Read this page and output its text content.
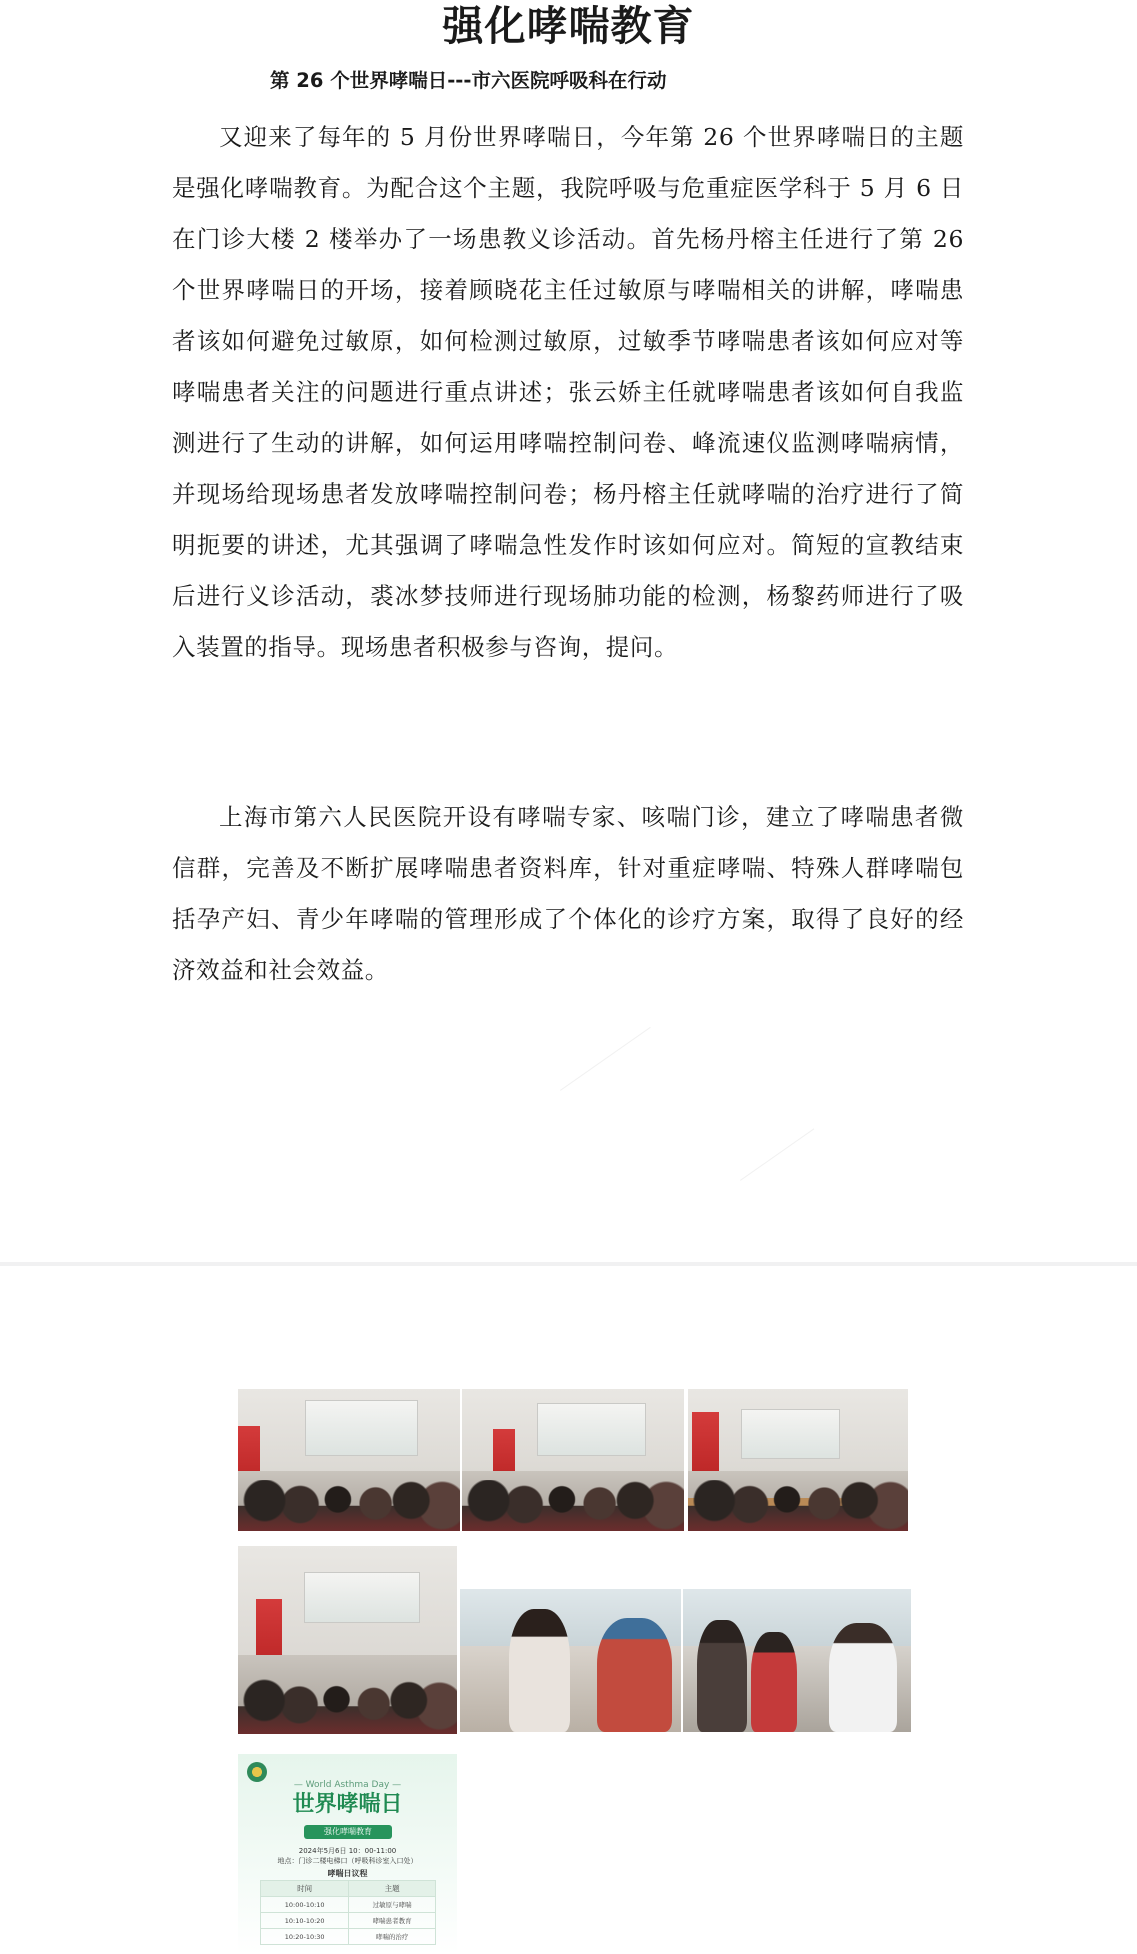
强化哮喘教育
第 26 个世界哮喘日---市六医院呼吸科在行动
又迎来了每年的 5 月份世界哮喘日，今年第 26 个世界哮喘日的主题是强化哮喘教育。为配合这个主题，我院呼吸与危重症医学科于 5 月 6 日在门诊大楼 2 楼举办了一场患教义诊活动。首先杨丹榕主任进行了第 26 个世界哮喘日的开场，接着顾晓花主任过敏原与哮喘相关的讲解，哮喘患者该如何避免过敏原，如何检测过敏原，过敏季节哮喘患者该如何应对等哮喘患者关注的问题进行重点讲述；张云娇主任就哮喘患者该如何自我监测进行了生动的讲解，如何运用哮喘控制问卷、峰流速仪监测哮喘病情，并现场给现场患者发放哮喘控制问卷；杨丹榕主任就哮喘的治疗进行了简明扼要的讲述，尤其强调了哮喘急性发作时该如何应对。简短的宣教结束后进行义诊活动，裘冰梦技师进行现场肺功能的检测，杨黎药师进行了吸入装置的指导。现场患者积极参与咨询，提问。
上海市第六人民医院开设有哮喘专家、咳喘门诊，建立了哮喘患者微信群，完善及不断扩展哮喘患者资料库，针对重症哮喘、特殊人群哮喘包括孕产妇、青少年哮喘的管理形成了个体化的诊疗方案，取得了良好的经济效益和社会效益。
— World Asthma Day —
世界哮喘日
强化哮喘教育
2024年5月6日 10：00-11:00
地点：门诊二楼电梯口（呼吸科诊室入口处）
哮喘日议程
时间	主题
10:00-10:10	过敏原与哮喘
10:10-10:20	哮喘患者教育
10:20-10:30	哮喘的治疗
